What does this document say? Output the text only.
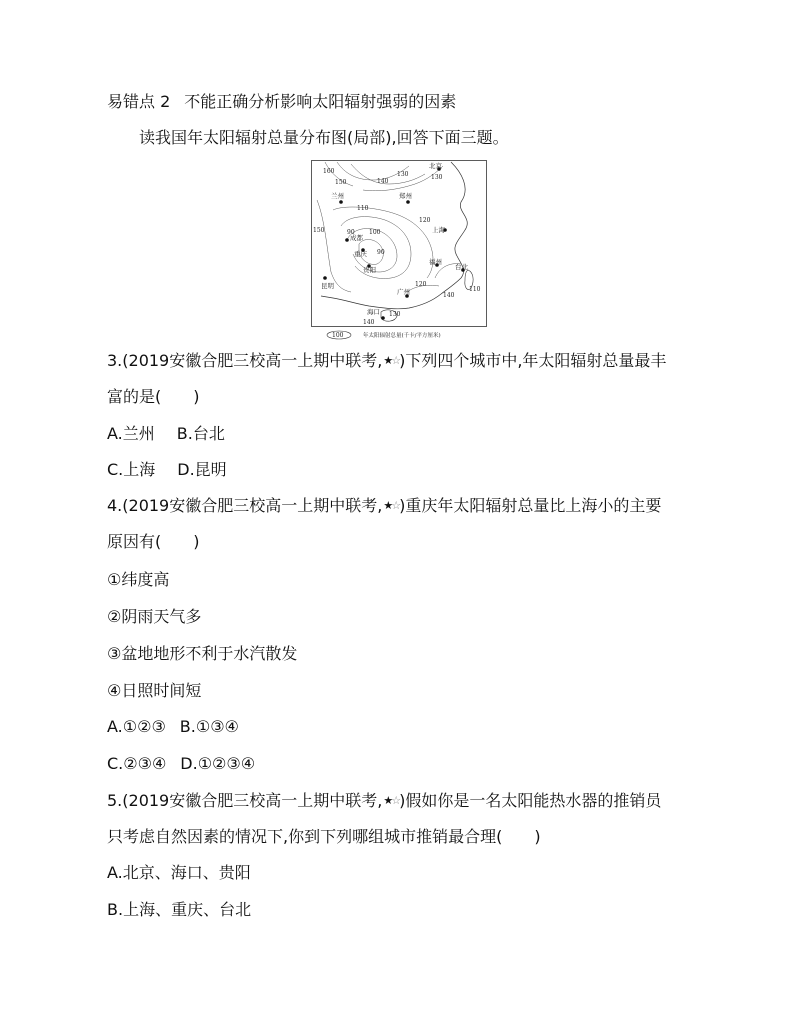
易错点 2 不能正确分析影响太阳辐射强弱的因素
读我国年太阳辐射总量分布图(局部),回答下面三题。
北京
兰州	郑州
成都
重庆
上海
贵阳
福州
昆明
台北
广州
海口
160
150	140
130	130
120
110
100
90
90
150
120
110
140
140
130
100	年太阳辐射总量(千卡/平方厘米)
3.(2019安徽合肥三校高一上期中联考,★☆)下列四个城市中,年太阳辐射总量最丰
富的是(　　)
A.兰州 B.台北
C.上海 D.昆明
4.(2019安徽合肥三校高一上期中联考,★☆)重庆年太阳辐射总量比上海小的主要
原因有(　　)
①纬度高
②阴雨天气多
③盆地地形不利于水汽散发
④日照时间短
A.①②③ B.①③④
C.②③④ D.①②③④
5.(2019安徽合肥三校高一上期中联考,★☆)假如你是一名太阳能热水器的推销员
只考虑自然因素的情况下,你到下列哪组城市推销最合理(　　)
A.北京、海口、贵阳
B.上海、重庆、台北
